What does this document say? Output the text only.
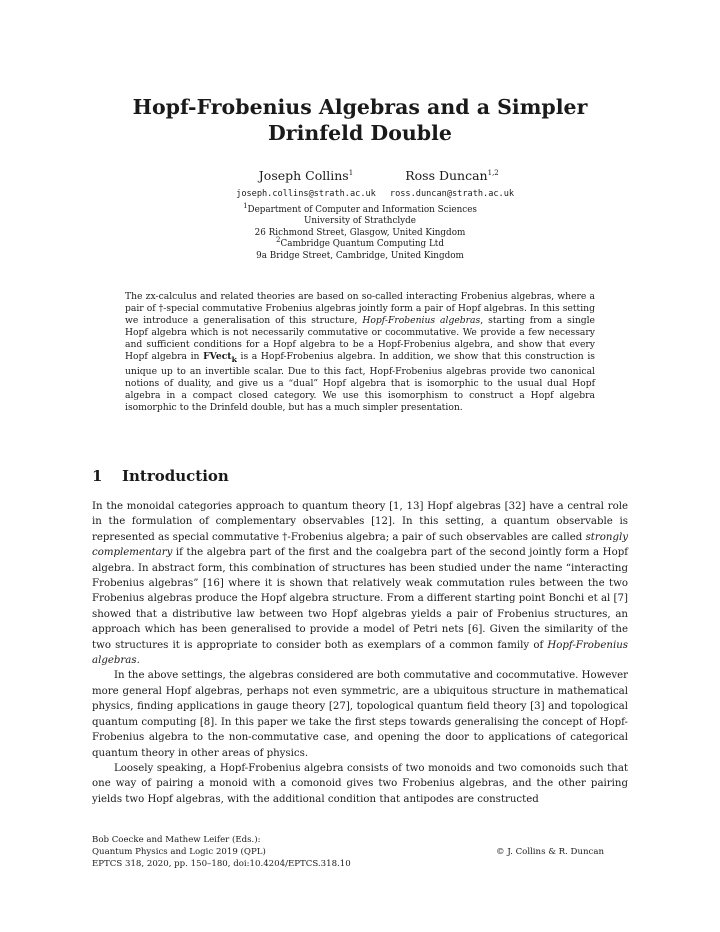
Hopf-Frobenius Algebras and a Simpler Drinfeld Double
Joseph Collins$^1$
joseph.collins@strath.ac.uk
Ross Duncan$^{1,2}$
ross.duncan@strath.ac.uk

$^1$Department of Computer and Information Sciences

University of Strathclyde

26 Richmond Street, Glasgow, United Kingdom

$^2$Cambridge Quantum Computing Ltd

9a Bridge Street, Cambridge, United Kingdom

The zx-calculus and related theories are based on so-called interacting Frobenius algebras, where a pair of †-special commutative Frobenius algebras jointly form a pair of Hopf algebras. In this setting we introduce a generalisation of this structure, Hopf-Frobenius algebras, starting from a single Hopf algebra which is not necessarily commutative or cocommutative. We provide a few necessary and sufficient conditions for a Hopf algebra to be a Hopf-Frobenius algebra, and show that every Hopf algebra in FVect$_k$ is a Hopf-Frobenius algebra. In addition, we show that this construction is unique up to an invertible scalar. Due to this fact, Hopf-Frobenius algebras provide two canonical notions of duality, and give us a “dual” Hopf algebra that is isomorphic to the usual dual Hopf algebra in a compact closed category. We use this isomorphism to construct a Hopf algebra isomorphic to the Drinfeld double, but has a much simpler presentation.

1 Introduction

In the monoidal categories approach to quantum theory [1, 13] Hopf algebras [32] have a central role in the formulation of complementary observables [12]. In this setting, a quantum observable is represented as special commutative †-Frobenius algebra; a pair of such observables are called strongly complementary if the algebra part of the first and the coalgebra part of the second jointly form a Hopf algebra. In abstract form, this combination of structures has been studied under the name “interacting Frobenius algebras” [16] where it is shown that relatively weak commutation rules between the two Frobenius algebras produce the Hopf algebra structure. From a different starting point Bonchi et al [7] showed that a distributive law between two Hopf algebras yields a pair of Frobenius structures, an approach which has been generalised to provide a model of Petri nets [6]. Given the similarity of the two structures it is appropriate to consider both as exemplars of a common family of Hopf-Frobenius algebras.

In the above settings, the algebras considered are both commutative and cocommutative. However more general Hopf algebras, perhaps not even symmetric, are a ubiquitous structure in mathematical physics, finding applications in gauge theory [27], topological quantum field theory [3] and topological quantum computing [8]. In this paper we take the first steps towards generalising the concept of Hopf-Frobenius algebra to the non-commutative case, and opening the door to applications of categorical quantum theory in other areas of physics.

Loosely speaking, a Hopf-Frobenius algebra consists of two monoids and two comonoids such that one way of pairing a monoid with a comonoid gives two Frobenius algebras, and the other pairing yields two Hopf algebras, with the additional condition that antipodes are constructed

Bob Coecke and Mathew Leifer (Eds.):
Quantum Physics and Logic 2019 (QPL)
EPTCS 318, 2020, pp. 150–180, doi:10.4204/EPTCS.318.10
© J. Collins & R. Duncan
